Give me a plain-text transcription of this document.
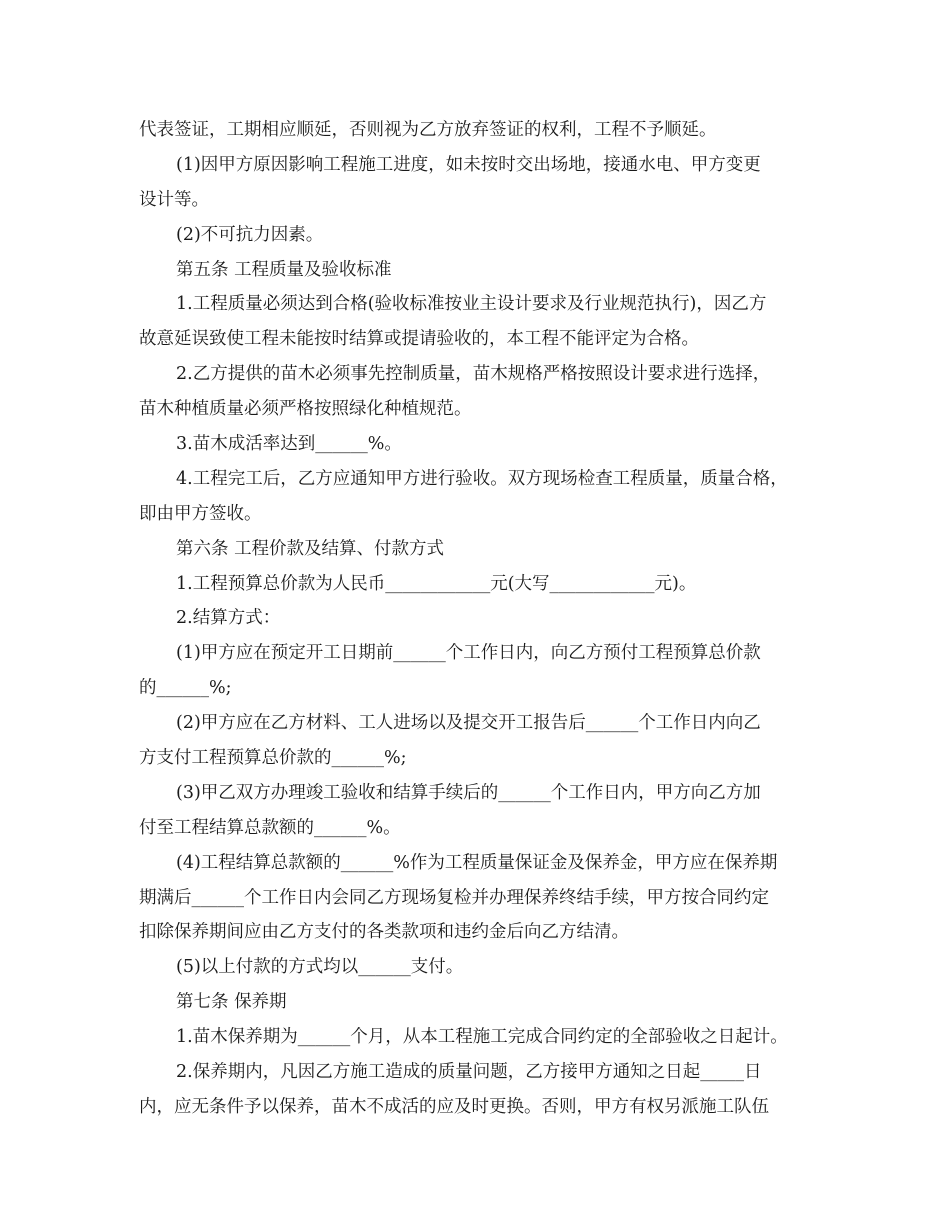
代表签证，工期相应顺延，否则视为乙方放弃签证的权利，工程不予顺延。
(1)因甲方原因影响工程施工进度，如未按时交出场地，接通水电、甲方变更
设计等。
(2)不可抗力因素。
第五条 工程质量及验收标准
1.工程质量必须达到合格(验收标准按业主设计要求及行业规范执行)，因乙方
故意延误致使工程未能按时结算或提请验收的，本工程不能评定为合格。
2.乙方提供的苗木必须事先控制质量，苗木规格严格按照设计要求进行选择，
苗木种植质量必须严格按照绿化种植规范。
3.苗木成活率达到______%。
4.工程完工后，乙方应通知甲方进行验收。双方现场检查工程质量，质量合格，
即由甲方签收。
第六条 工程价款及结算、付款方式
1.工程预算总价款为人民币____________元(大写____________元)。
2.结算方式：
(1)甲方应在预定开工日期前______个工作日内，向乙方预付工程预算总价款
的______%;
(2)甲方应在乙方材料、工人进场以及提交开工报告后______个工作日内向乙
方支付工程预算总价款的______%;
(3)甲乙双方办理竣工验收和结算手续后的______个工作日内，甲方向乙方加
付至工程结算总款额的______%。
(4)工程结算总款额的______%作为工程质量保证金及保养金，甲方应在保养期
期满后______个工作日内会同乙方现场复检并办理保养终结手续，甲方按合同约定
扣除保养期间应由乙方支付的各类款项和违约金后向乙方结清。
(5)以上付款的方式均以______支付。
第七条 保养期
1.苗木保养期为______个月，从本工程施工完成合同约定的全部验收之日起计。
2.保养期内，凡因乙方施工造成的质量问题，乙方接甲方通知之日起_____日
内，应无条件予以保养，苗木不成活的应及时更换。否则，甲方有权另派施工队伍
